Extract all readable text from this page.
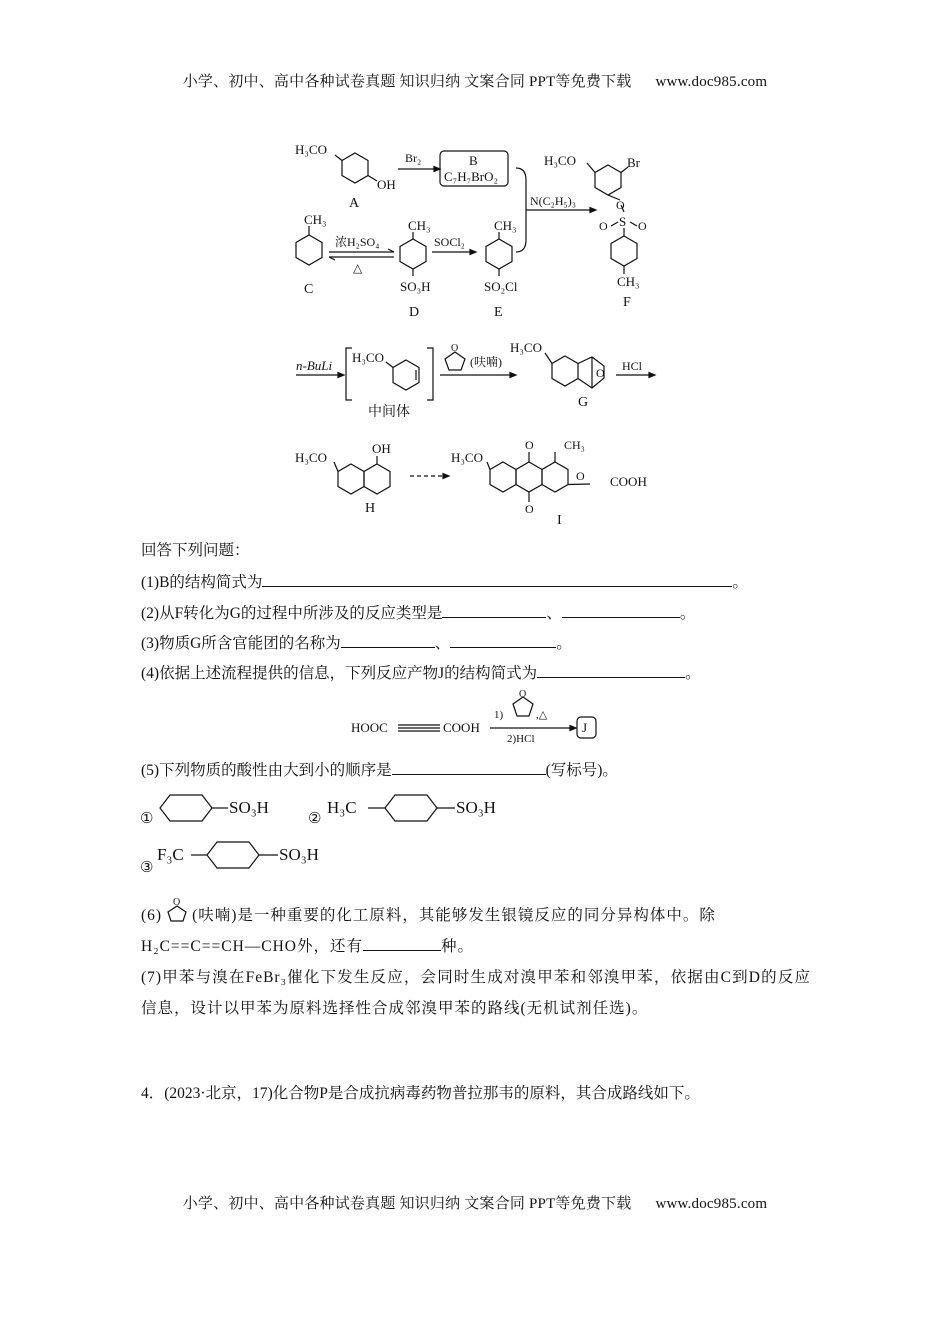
小学、初中、高中各种试卷真题 知识归纳 文案合同 PPT等免费下载 www.doc985.com
H₃CO
OH
A
Br₂	B
C₇H₇BrO₂
CH₃
C
浓H₂SO₄
△
CH₃
SO₃H
D
SOCl₂
CH₃
SO₂Cl
E
N(C₂H₅)₃
H₃CO	Br
O
S
O	O
CH₃
F
n-BuLi
H₃CO
中间体
O
(呋喃)
H₃CO
O
G
HCl
H₃CO
OH
H
H₃CO
O
O
CH₃
O COOH
I
回答下列问题：
(1)B的结构简式为	。
(2)从F转化为G的过程中所涉及的反应类型是	、	。
(3)物质G所含官能团的名称为	、	。
(4)依据上述流程提供的信息，下列反应产物J的结构简式为	。
HOOC	COOH
1)
O
,△
2)HCl
J
(5)下列物质的酸性由大到小的顺序是	(写标号)。
①
SO₃H
②
H₃C	SO₃H
③
F₃C	SO₃H
(6)
O
(呋喃)是一种重要的化工原料，其能够发生银镜反应的同分异构体中。除
H₂C==C==CH—CHO外，还有	种。
(7)甲苯与溴在FeBr₃催化下发生反应，会同时生成对溴甲苯和邻溴甲苯，依据由C到D的反应信息，设计以甲苯为原料选择性合成邻溴甲苯的路线(无机试剂任选)。
4．(2023·北京，17)化合物P是合成抗病毒药物普拉那韦的原料，其合成路线如下。
小学、初中、高中各种试卷真题 知识归纳 文案合同 PPT等免费下载 www.doc985.com
